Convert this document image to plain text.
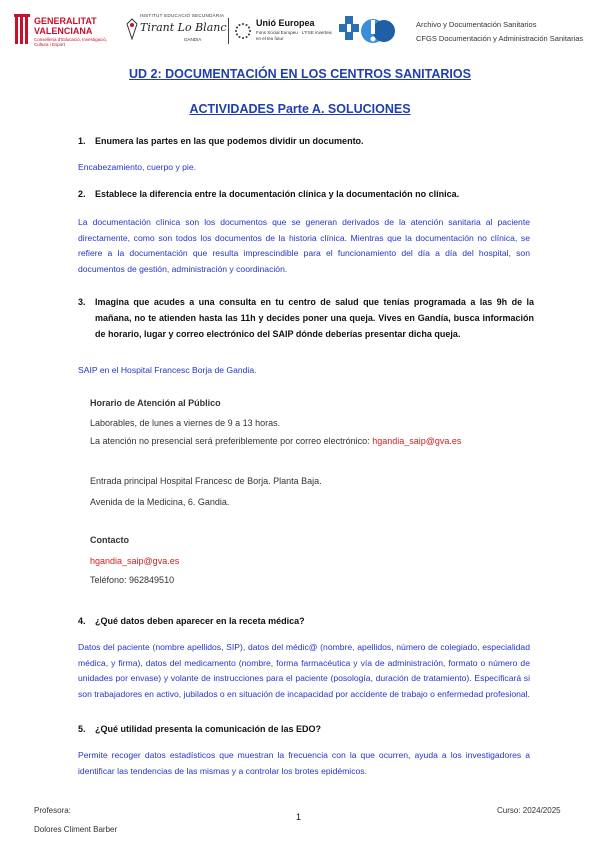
GENERALITAT
VALENCIANA
Conselleria d'Educació, Investigació, Cultura i Esport
INSTITUT EDUCACIÓ SECUNDÀRIA
Tirant Lo Blanc
GANDIA
Unió Europea
Fons Social Europeu · L'FSE inverteix en el teu futur
Archivo y Documentación Sanitarios
CFGS Documentación y Administración Sanitarias
UD 2: DOCUMENTACIÓN EN LOS CENTROS SANITARIOS
ACTIVIDADES Parte A. SOLUCIONES
1.	Enumera las partes en las que podemos dividir un documento.
Encabezamiento, cuerpo y pie.
2.	Establece la diferencia entre la documentación clínica y la documentación no clínica.
La documentación clínica son los documentos que se generan derivados de la atención sanitaria al paciente directamente, como son todos los documentos de la historia clínica. Mientras que la documentación no clínica, se refiere a la documentación que resulta imprescindible para el funcionamiento del día a día del hospital, son documentos de gestión, administración y coordinación.
3.	Imagina que acudes a una consulta en tu centro de salud que tenías programada a las 9h de la mañana, no te atienden hasta las 11h y decides poner una queja. Vives en Gandía, busca información de horario, lugar y correo electrónico del SAIP dónde deberías presentar dicha queja.
SAIP en el Hospital Francesc Borja de Gandia.
Horario de Atención al Público
Laborables, de lunes a viernes de 9 a 13 horas.
La atención no presencial será preferiblemente por correo electrónico: hgandia_saip@gva.es
Entrada principal Hospital Francesc de Borja. Planta Baja.
Avenida de la Medicina, 6. Gandia.
Contacto
hgandia_saip@gva.es
Teléfono: 962849510
4.	¿Qué datos deben aparecer en la receta médica?
Datos del paciente (nombre apellidos, SIP), datos del médic@ (nombre, apellidos, número de colegiado, especialidad médica, y firma), datos del medicamento (nombre, forma farmacéutica y vía de administración, formato o número de unidades por envase) y volante de instrucciones para el paciente (posología, duración de tratamiento). Especificará si son trabajadores en activo, jubilados o en situación de incapacidad por accidente de trabajo o enfermedad profesional.
5.	¿Qué utilidad presenta la comunicación de las EDO?
Permite recoger datos estadísticos que muestran la frecuencia con la que ocurren, ayuda a los investigadores a identificar las tendencias de las mismas y a controlar los brotes epidémicos.
Profesora:
Dolores Climent Barber
1
Curso: 2024/2025
